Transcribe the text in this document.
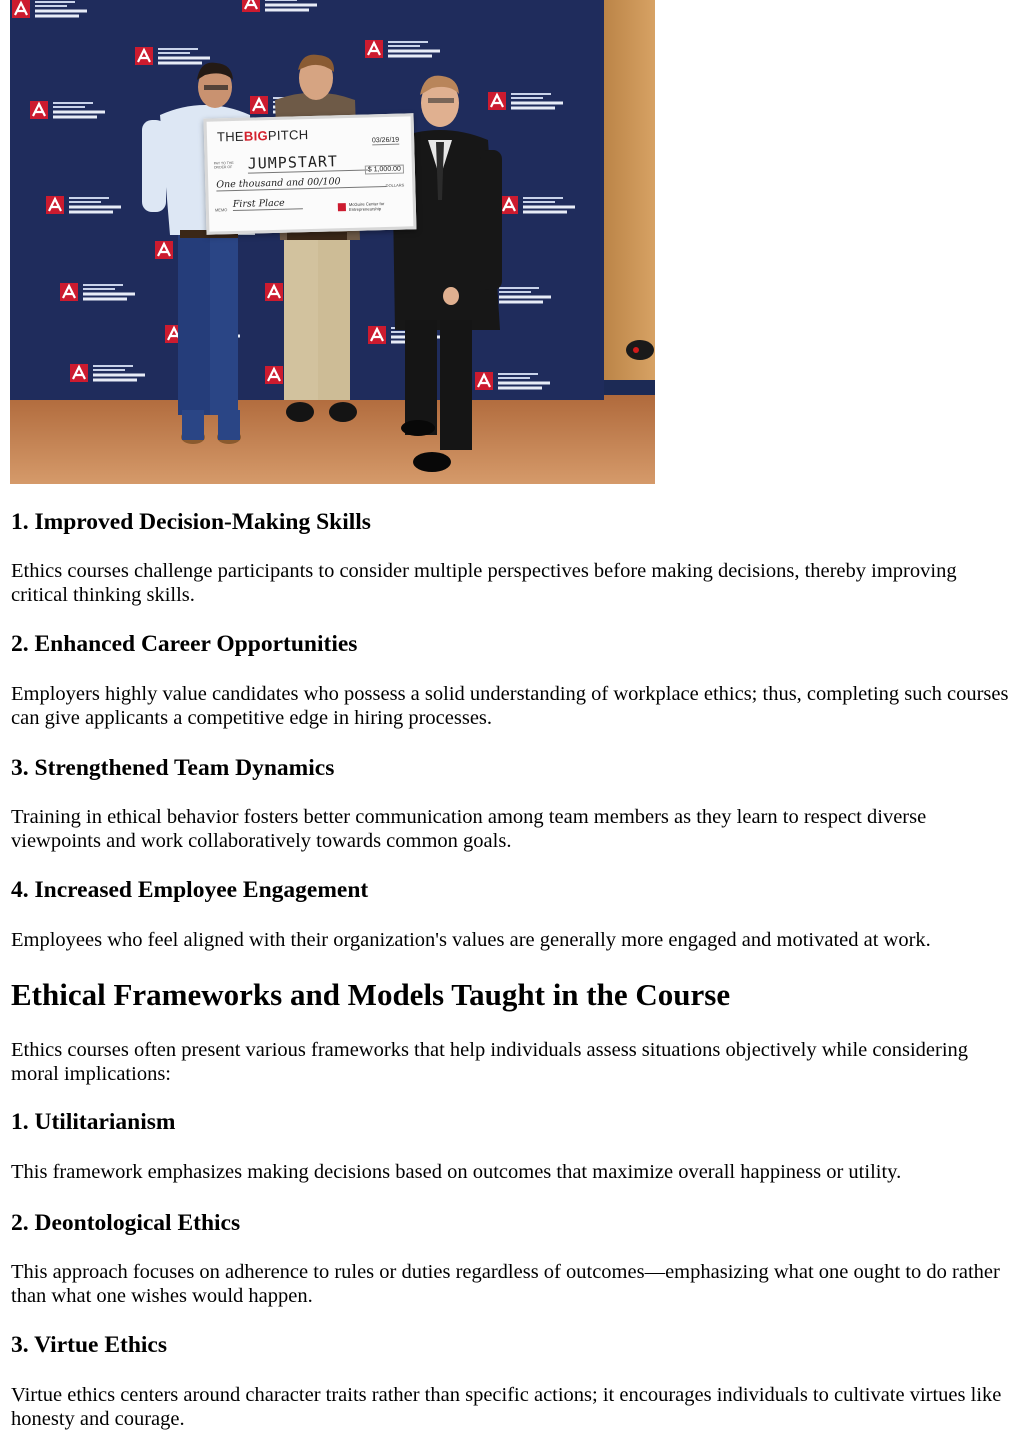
THEBIGPITCH	03/26/19
PAY TO THE ORDER OF	JUMPSTART	$ 1,000.00
One thousand and 00/100	DOLLARS
MEMO First Place	McGuire Center for Entrepreneurship
1. Improved Decision-Making Skills

Ethics courses challenge participants to consider multiple perspectives before making decisions, thereby improving critical thinking skills.

2. Enhanced Career Opportunities

Employers highly value candidates who possess a solid understanding of workplace ethics; thus, completing such courses can give applicants a competitive edge in hiring processes.

3. Strengthened Team Dynamics

Training in ethical behavior fosters better communication among team members as they learn to respect diverse viewpoints and work collaboratively towards common goals.

4. Increased Employee Engagement

Employees who feel aligned with their organization's values are generally more engaged and motivated at work.

Ethical Frameworks and Models Taught in the Course

Ethics courses often present various frameworks that help individuals assess situations objectively while considering moral implications:

1. Utilitarianism

This framework emphasizes making decisions based on outcomes that maximize overall happiness or utility.

2. Deontological Ethics

This approach focuses on adherence to rules or duties regardless of outcomes—emphasizing what one ought to do rather than what one wishes would happen.

3. Virtue Ethics

Virtue ethics centers around character traits rather than specific actions; it encourages individuals to cultivate virtues like honesty and courage.
